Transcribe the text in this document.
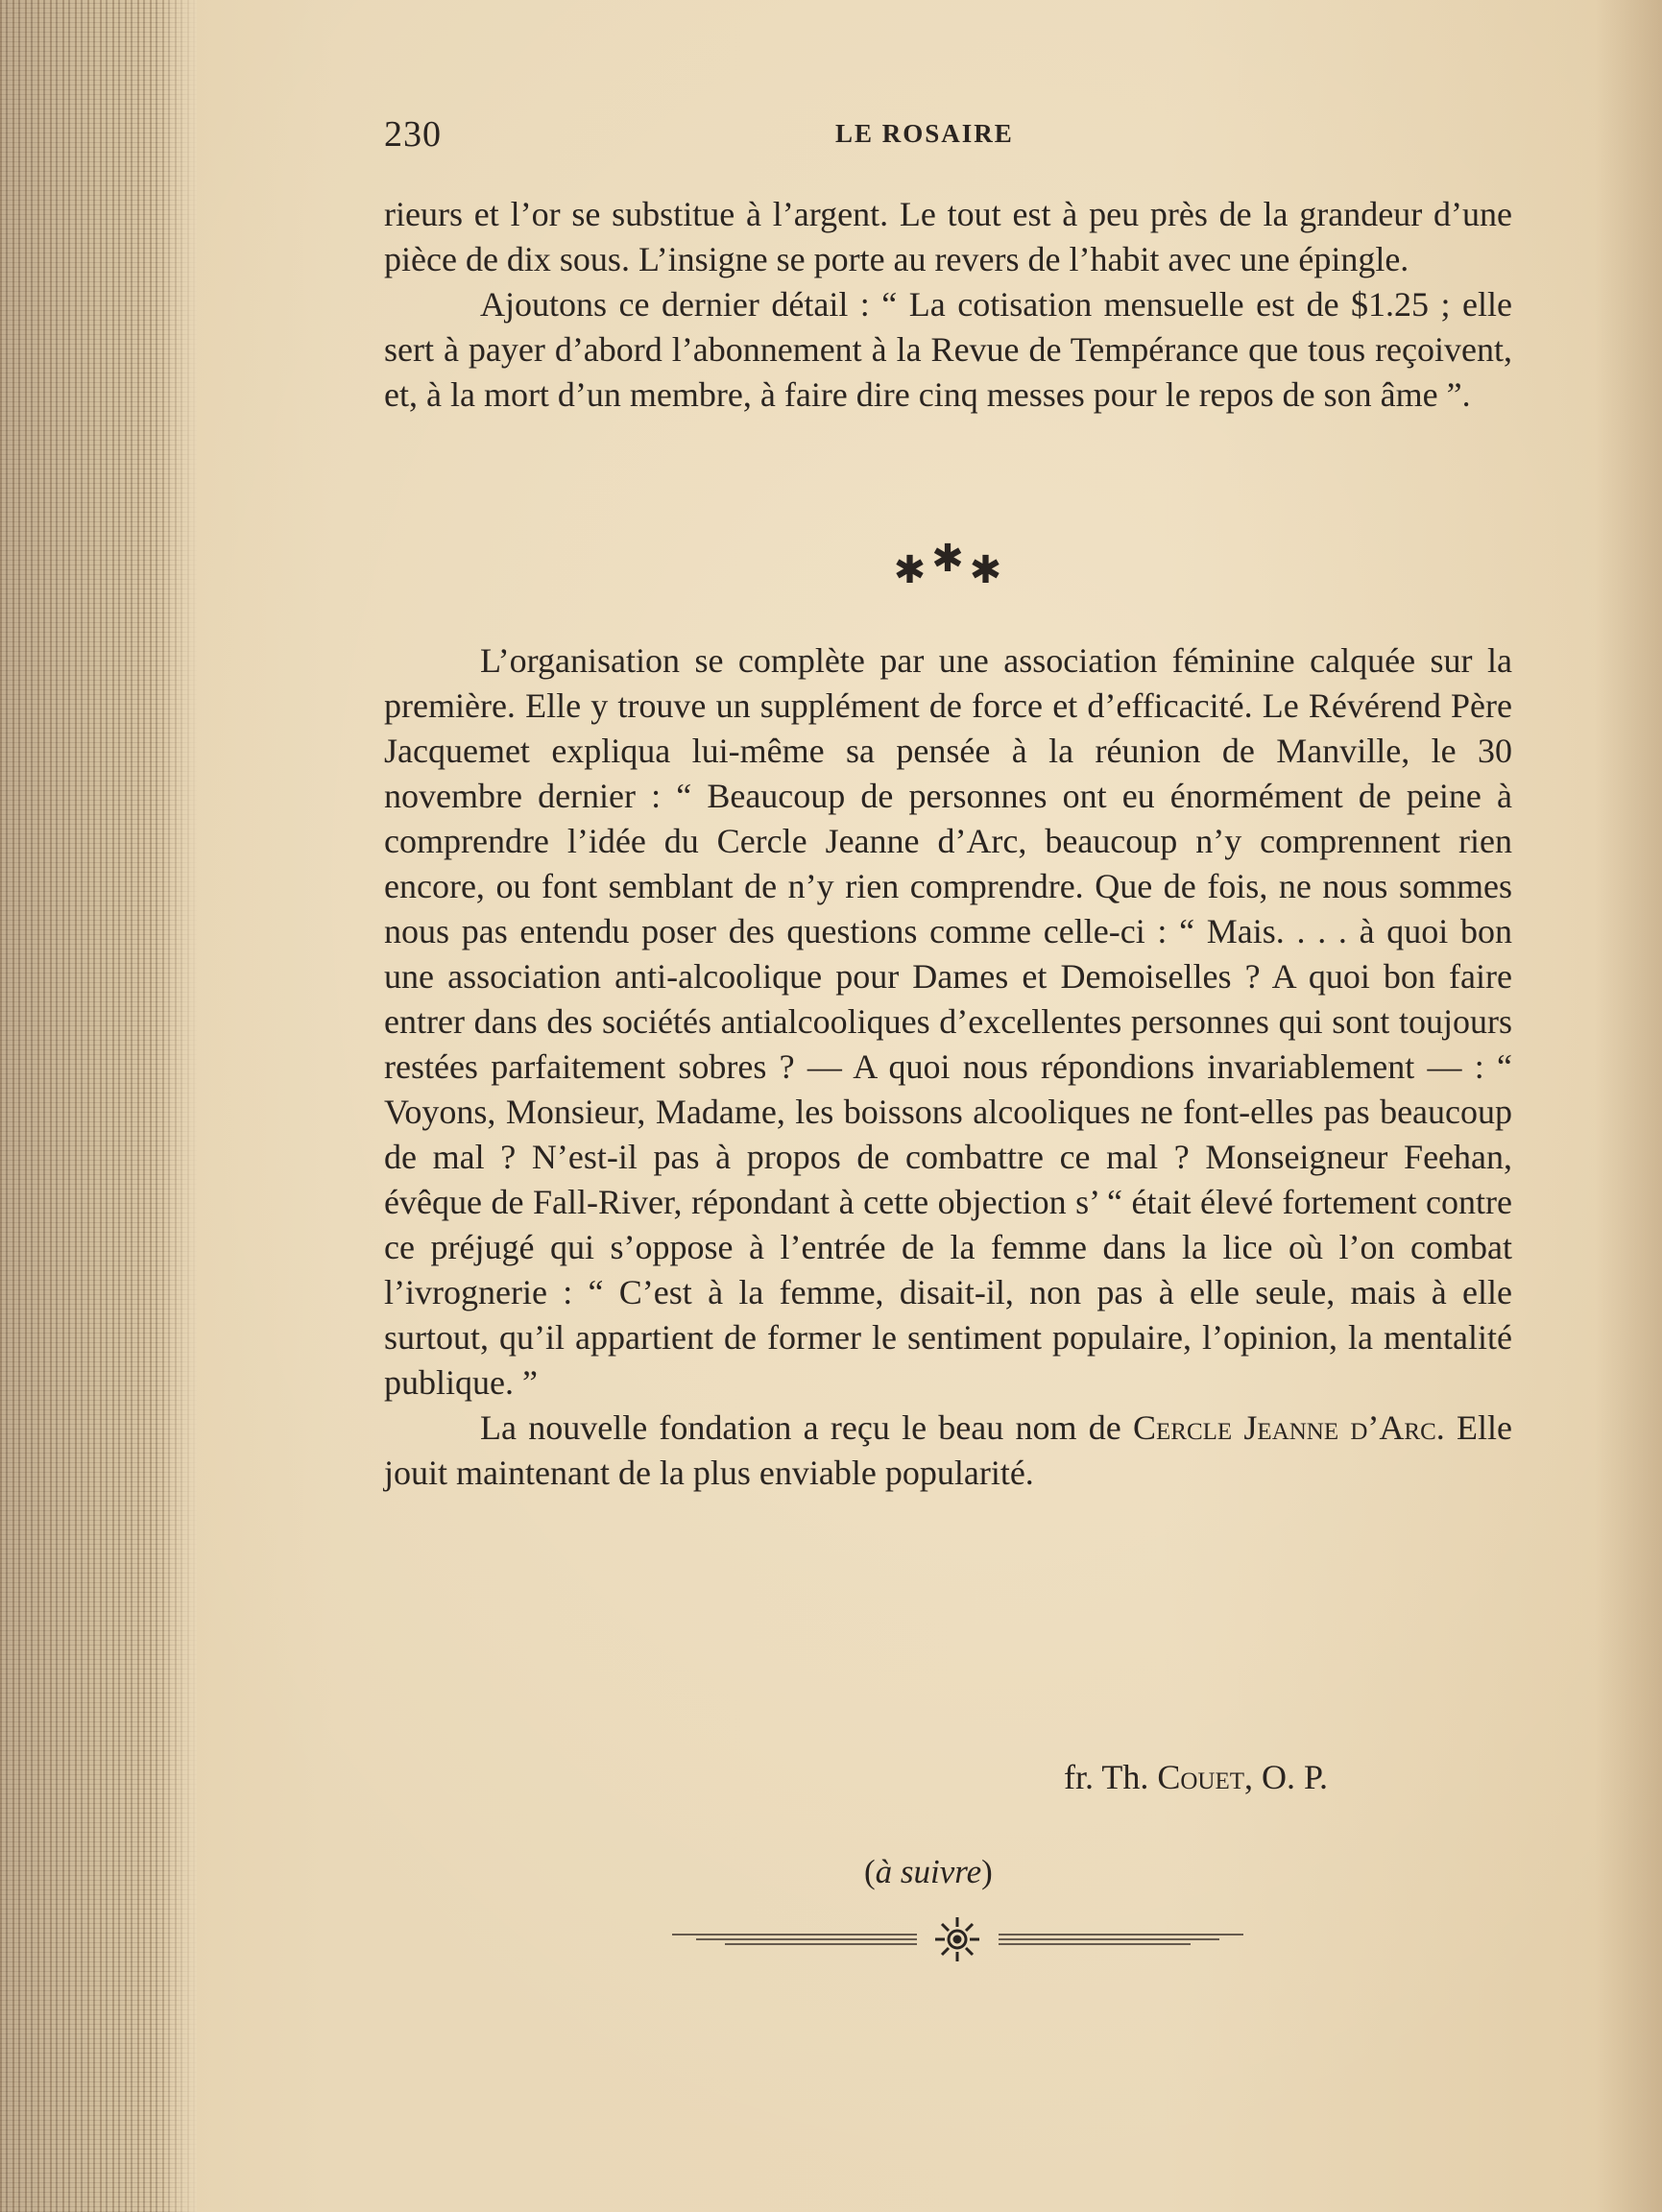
230	LE ROSAIRE

rieurs et l’or se substitue à l’argent. Le tout est à peu près de la grandeur d’une pièce de dix sous. L’insigne se porte au revers de l’habit avec une épingle.

Ajoutons ce dernier détail : “ La cotisation mensuelle est de $1.25 ; elle sert à payer d’abord l’abonnement à la Revue de Tempérance que tous reçoivent, et, à la mort d’un membre, à faire dire cinq messes pour le repos de son âme ”.

✱✱✱

L’organisation se complète par une association féminine calquée sur la première. Elle y trouve un supplément de force et d’efficacité. Le Révérend Père Jacquemet expliqua lui-même sa pensée à la réunion de Manville, le 30 novembre dernier : “ Beaucoup de personnes ont eu énormément de peine à comprendre l’idée du Cercle Jeanne d’Arc, beaucoup n’y comprennent rien encore, ou font semblant de n’y rien comprendre. Que de fois, ne nous sommes nous pas entendu poser des questions comme celle-ci : “ Mais. . . . à quoi bon une association anti-alcoolique pour Dames et Demoiselles ? A quoi bon faire entrer dans des sociétés antialcooliques d’excellentes personnes qui sont toujours restées parfaitement sobres ? — A quoi nous répondions invariablement — : “ Voyons, Monsieur, Madame, les boissons alcooliques ne font-elles pas beaucoup de mal ? N’est-il pas à propos de combattre ce mal ? Monseigneur Feehan, évêque de Fall-River, répondant à cette objection s’ “ était élevé fortement contre ce préjugé qui s’oppose à l’entrée de la femme dans la lice où l’on combat l’ivrognerie : “ C’est à la femme, disait-il, non pas à elle seule, mais à elle surtout, qu’il appartient de former le sentiment populaire, l’opinion, la mentalité publique. ”

La nouvelle fondation a reçu le beau nom de Cercle Jeanne d’Arc. Elle jouit maintenant de la plus enviable popularité.

fr. Th. Couet, O. P.
(à suivre)
